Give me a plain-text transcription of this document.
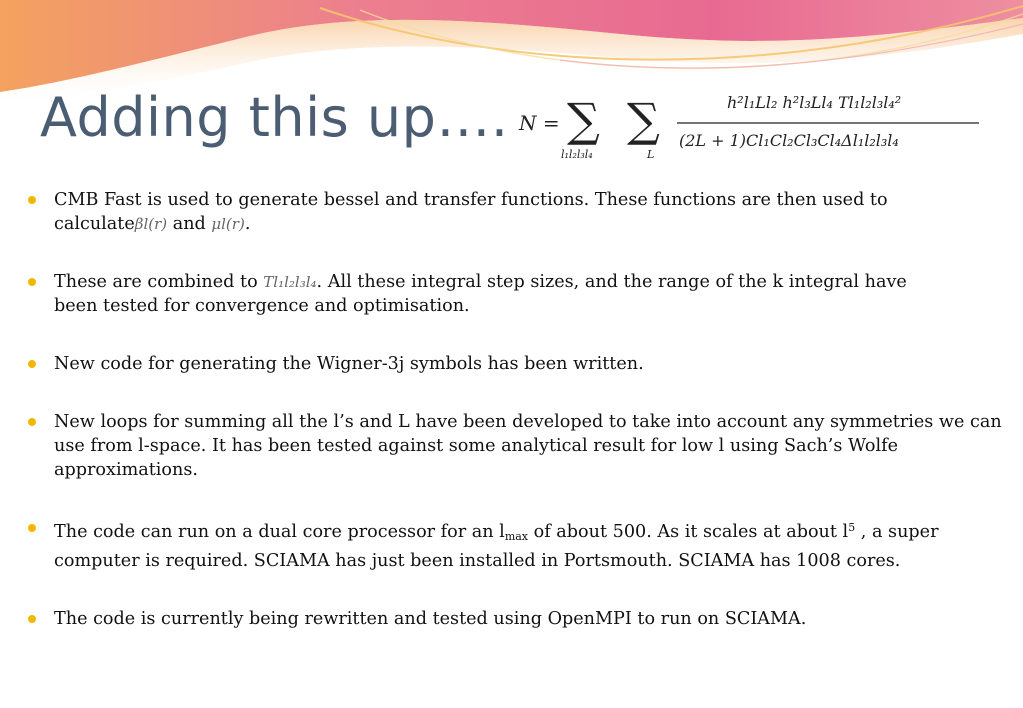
Adding this up…. N = ∑
l₁l₂l₃l₄
∑
L
h²l₁Ll₂ h²l₃Ll₄ Tl₁l₂l₃l₄²
(2L + 1)Cl₁Cl₂Cl₃Cl₄Δl₁l₂l₃l₄
CMB Fast is used to generate bessel and transfer functions. These functions are then used to
calculateβl(r) and μl(r).
These are combined to Tl₁l₂l₃l₄. All these integral step sizes, and the range of the k integral have
been tested for convergence and optimisation.
New code for generating the Wigner-3j symbols has been written.
New loops for summing all the l’s and L have been developed to take into account any symmetries we can use from l-space. It has been tested against some analytical result for low l using Sach’s Wolfe approximations.
The code can run on a dual core processor for an $l_{max}$ of about 500. As it scales at about $l^5$ , a super computer is required. SCIAMA has just been installed in Portsmouth. SCIAMA has 1008 cores.
The code is currently being rewritten and tested using OpenMPI to run on SCIAMA.
